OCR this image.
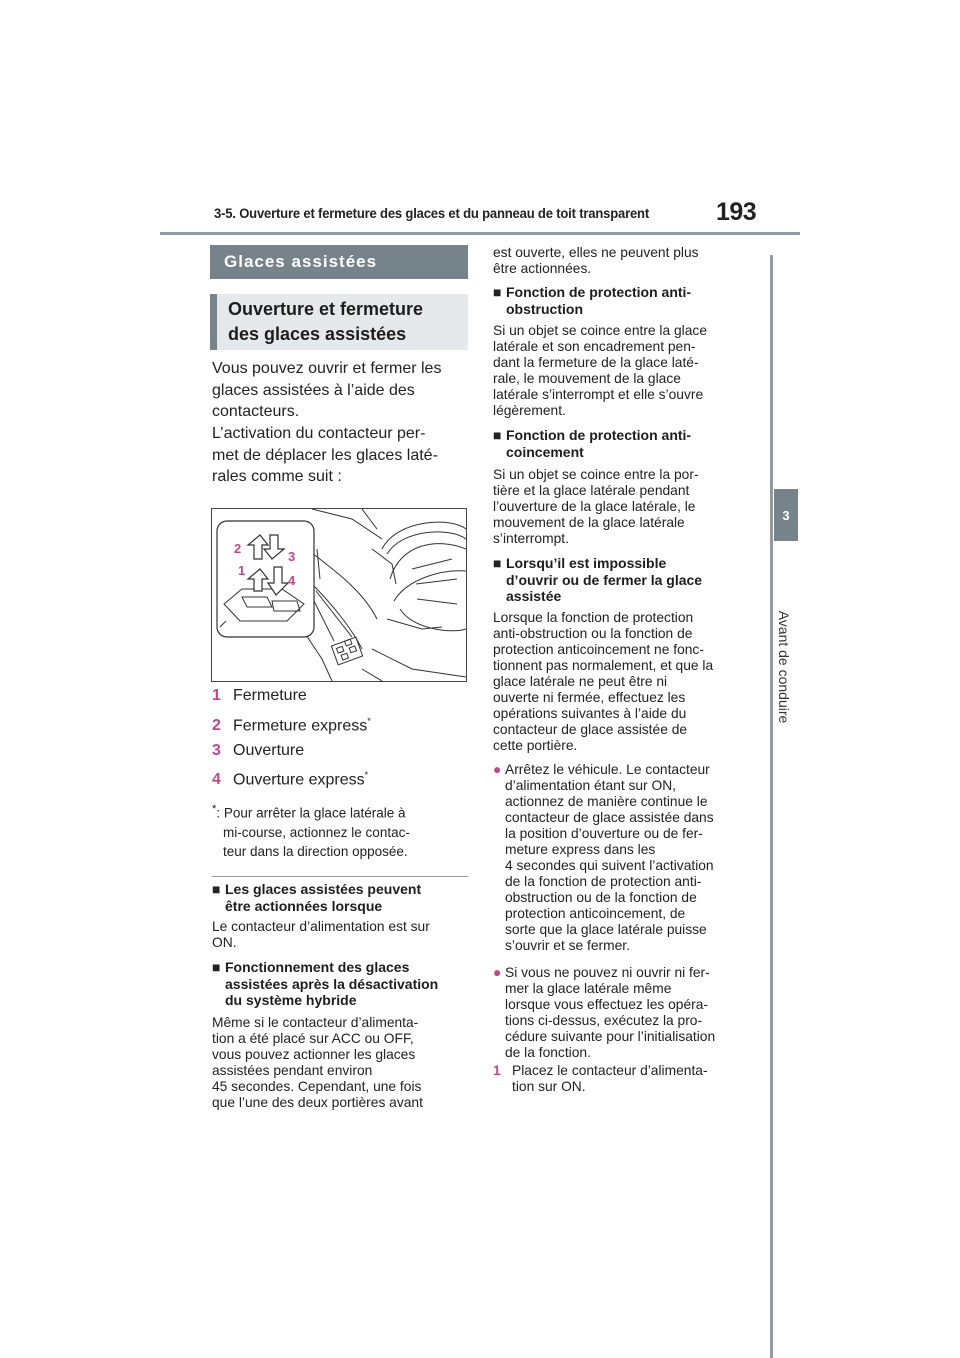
3-5. Ouverture et fermeture des glaces et du panneau de toit transparent	193
3
Avant de conduire
Glaces assistées
Ouverture et fermeture
des glaces assistées
Vous pouvez ouvrir et fermer les
glaces assistées à l’aide des
contacteurs.
L’activation du contacteur per-
met de déplacer les glaces laté-
rales comme suit :
2
3
1
4
1 Fermeture
2 Fermeture express*
3 Ouverture
4 Ouverture express*
*: Pour arrêter la glace latérale à
mi-course, actionnez le contac-
teur dans la direction opposée.
■ Les glaces assistées peuvent
être actionnées lorsque
Le contacteur d’alimentation est sur
ON.
■ Fonctionnement des glaces
assistées après la désactivation
du système hybride
Même si le contacteur d’alimenta-
tion a été placé sur ACC ou OFF,
vous pouvez actionner les glaces
assistées pendant environ
45 secondes. Cependant, une fois
que l’une des deux portières avant
est ouverte, elles ne peuvent plus
être actionnées.
■ Fonction de protection anti-
obstruction
Si un objet se coince entre la glace
latérale et son encadrement pen-
dant la fermeture de la glace laté-
rale, le mouvement de la glace
latérale s’interrompt et elle s’ouvre
légèrement.
■ Fonction de protection anti-
coincement
Si un objet se coince entre la por-
tière et la glace latérale pendant
l’ouverture de la glace latérale, le
mouvement de la glace latérale
s’interrompt.
■ Lorsqu’il est impossible
d’ouvrir ou de fermer la glace
assistée
Lorsque la fonction de protection
anti-obstruction ou la fonction de
protection anticoincement ne fonc-
tionnent pas normalement, et que la
glace latérale ne peut être ni
ouverte ni fermée, effectuez les
opérations suivantes à l’aide du
contacteur de glace assistée de
cette portière.
● Arrêtez le véhicule. Le contacteur
d’alimentation étant sur ON,
actionnez de manière continue le
contacteur de glace assistée dans
la position d’ouverture ou de fer-
meture express dans les
4 secondes qui suivent l’activation
de la fonction de protection anti-
obstruction ou de la fonction de
protection anticoincement, de
sorte que la glace latérale puisse
s’ouvrir et se fermer.
● Si vous ne pouvez ni ouvrir ni fer-
mer la glace latérale même
lorsque vous effectuez les opéra-
tions ci-dessus, exécutez la pro-
cédure suivante pour l’initialisation
de la fonction.
1 Placez le contacteur d’alimenta-
tion sur ON.
